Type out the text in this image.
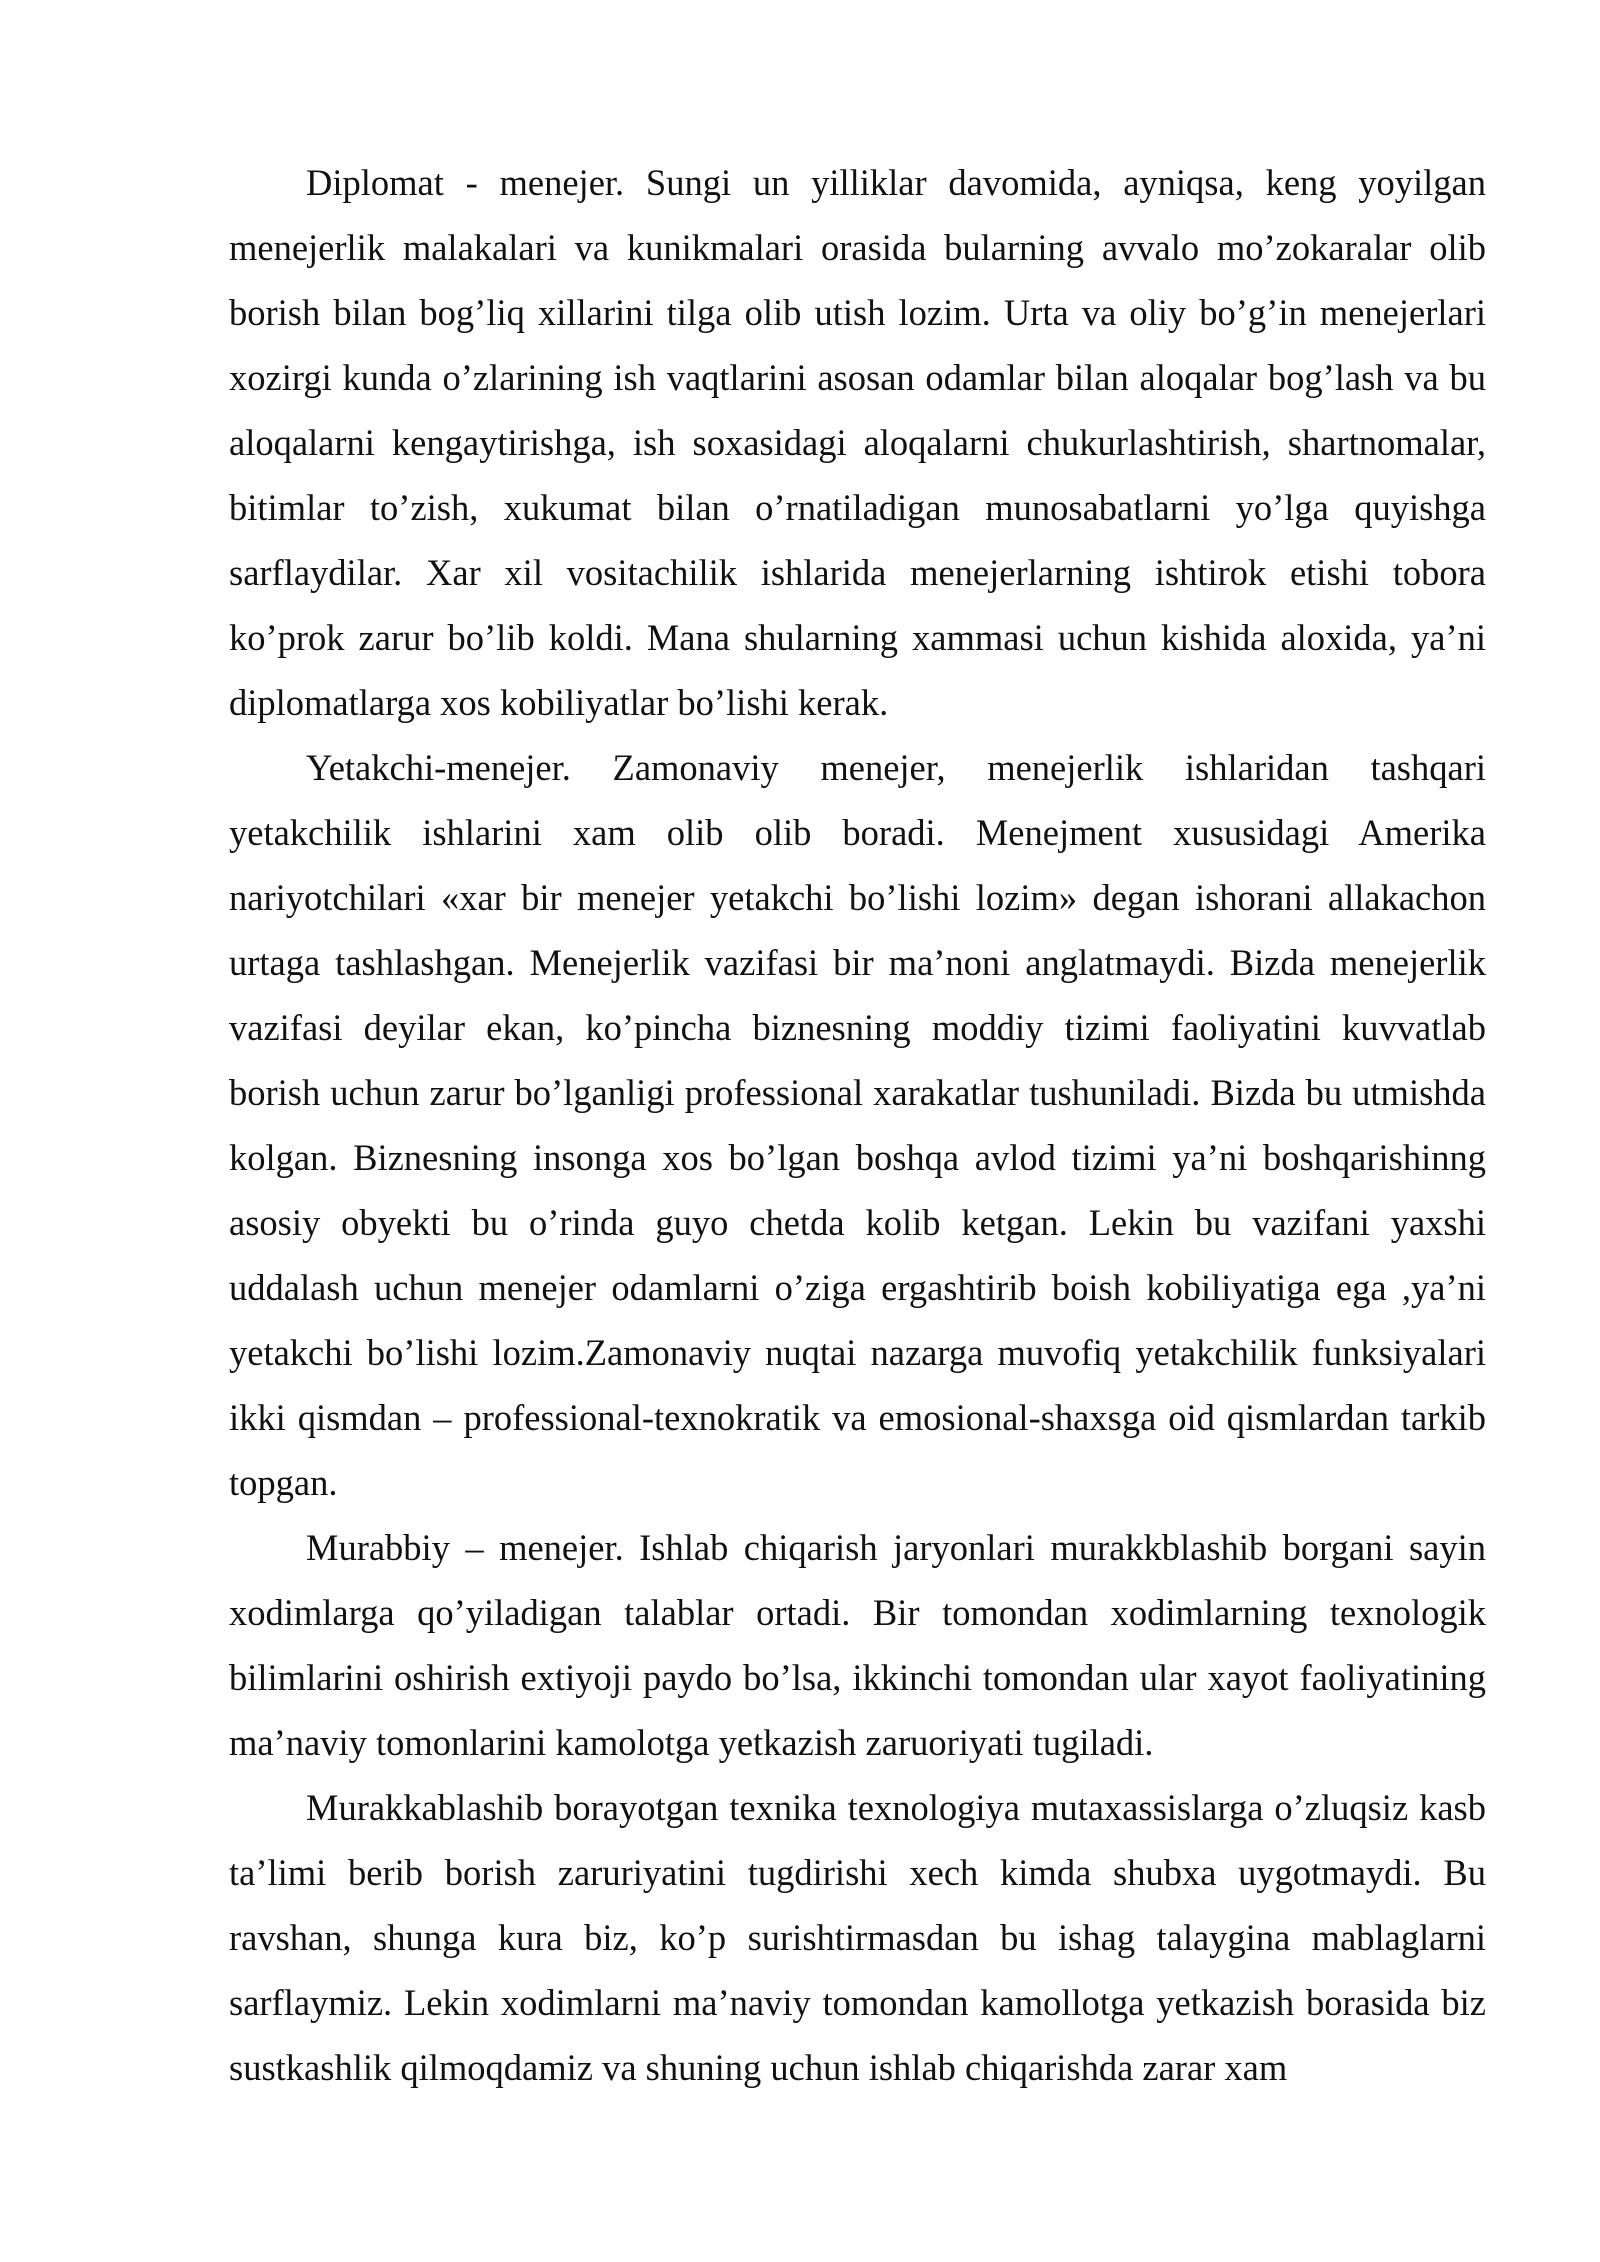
Diplomat - menejer. Sungi un yilliklar davomida, ayniqsa, keng yoyilgan menejerlik malakalari va kunikmalari orasida bularning avvalo mo’zokaralar olib borish bilan bog’liq xillarini tilga olib utish lozim. Urta va oliy bo’g’in menejerlari xozirgi kunda o’zlarining ish vaqtlarini asosan odamlar bilan aloqalar bog’lash va bu aloqalarni kengaytirishga, ish soxasidagi aloqalarni chukurlashtirish, shartnomalar, bitimlar to’zish, xukumat bilan o’rnatiladigan munosabatlarni yo’lga quyishga sarflaydilar. Xar xil vositachilik ishlarida menejerlarning ishtirok etishi tobora ko’prok zarur bo’lib koldi. Mana shularning xammasi uchun kishida aloxida, ya’ni diplomatlarga xos kobiliyatlar bo’lishi kerak.

Yetakchi-menejer. Zamonaviy menejer, menejerlik ishlaridan tashqari yetakchilik ishlarini xam olib olib boradi. Menejment xususidagi Amerika nariyotchilari «xar bir menejer yetakchi bo’lishi lozim» degan ishorani allakachon urtaga tashlashgan. Menejerlik vazifasi bir ma’noni anglatmaydi. Bizda menejerlik vazifasi deyilar ekan, ko’pincha biznesning moddiy tizimi faoliyatini kuvvatlab borish uchun zarur bo’lganligi professional xarakatlar tushuniladi. Bizda bu utmishda kolgan. Biznesning insonga xos bo’lgan boshqa avlod tizimi ya’ni boshqarishinng asosiy obyekti bu o’rinda guyo chetda kolib ketgan. Lekin bu vazifani yaxshi uddalash uchun menejer odamlarni o’ziga ergashtirib boish kobiliyatiga ega ,ya’ni yetakchi bo’lishi lozim.Zamonaviy nuqtai nazarga muvofiq yetakchilik funksiyalari ikki qismdan – professional-texnokratik va emosional-shaxsga oid qismlardan tarkib topgan.

Murabbiy – menejer. Ishlab chiqarish jaryonlari murakkblashib borgani sayin xodimlarga qo’yiladigan talablar ortadi. Bir tomondan xodimlarning texnologik bilimlarini oshirish extiyoji paydo bo’lsa, ikkinchi tomondan ular xayot faoliyatining ma’naviy tomonlarini kamolotga yetkazish zaruoriyati tugiladi.

Murakkablashib borayotgan texnika texnologiya mutaxassislarga o’zluqsiz kasb ta’limi berib borish zaruriyatini tugdirishi xech kimda shubxa uygotmaydi. Bu ravshan, shunga kura biz, ko’p surishtirmasdan bu ishag talaygina mablaglarni sarflaymiz. Lekin xodimlarni ma’naviy tomondan kamollotga yetkazish borasida biz sustkashlik qilmoqdamiz va shuning uchun ishlab chiqarishda zarar xam
